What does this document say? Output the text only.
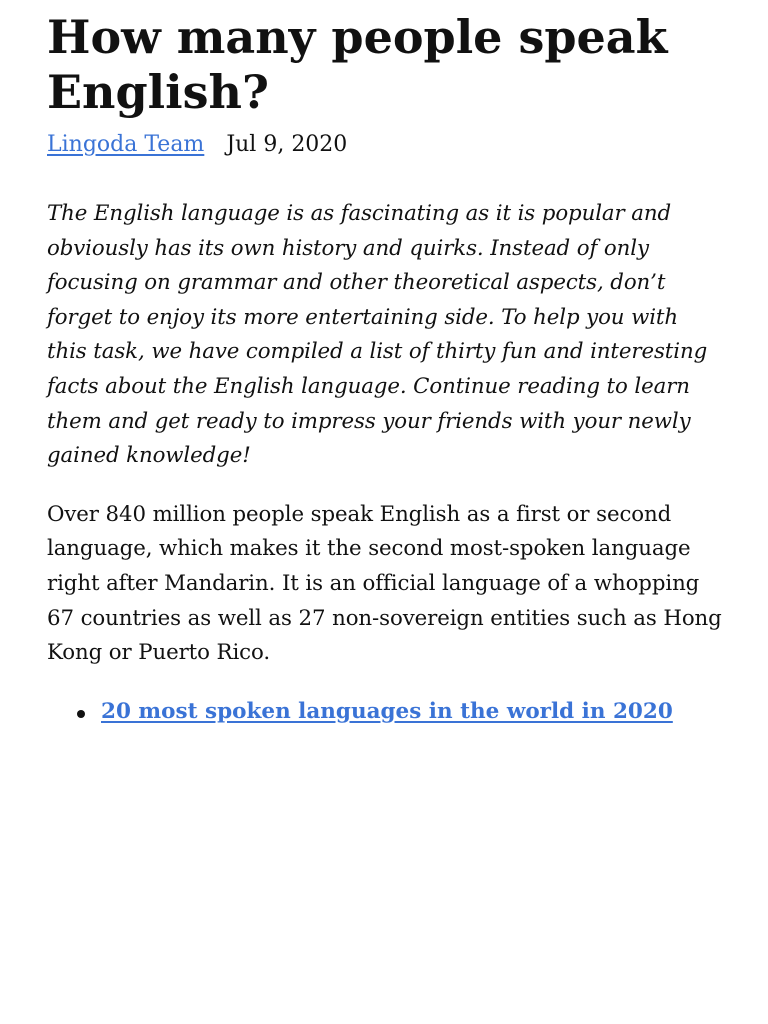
How many people speak English?
Lingoda Team Jul 9, 2020

The English language is as fascinating as it is popular and obviously has its own history and quirks. Instead of only focusing on grammar and other theoretical aspects, don’t forget to enjoy its more entertaining side. To help you with this task, we have compiled a list of thirty fun and interesting facts about the English language. Continue reading to learn them and get ready to impress your friends with your newly gained knowledge!

Over 840 million people speak English as a first or second language, which makes it the second most-spoken language right after Mandarin. It is an official language of a whopping 67 countries as well as 27 non-sovereign entities such as Hong Kong or Puerto Rico.

20 most spoken languages in the world in 2020
